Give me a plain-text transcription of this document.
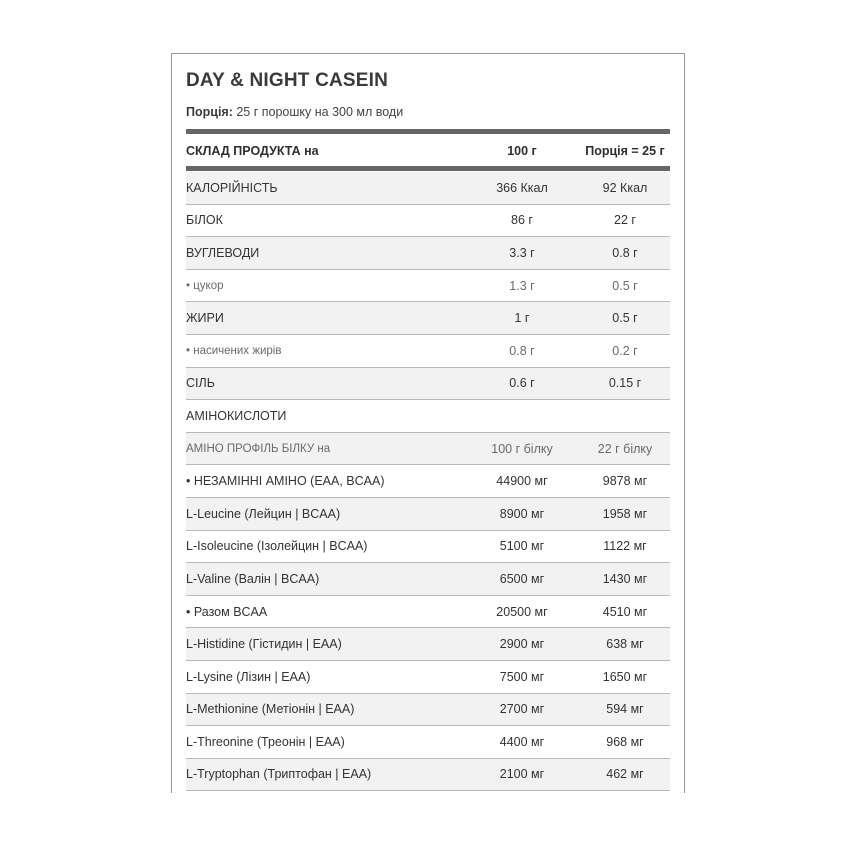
DAY & NIGHT CASEIN
Порція: 25 г порошку на 300 мл води
СКЛАД ПРОДУКТА на	100 г	Порція = 25 г
КАЛОРІЙНІСТЬ	366 Ккал	92 Ккал
БІЛОК	86 г	22 г
ВУГЛЕВОДИ	3.3 г	0.8 г
• цукор	1.3 г	0.5 г
ЖИРИ	1 г	0.5 г
• насичених жирів	0.8 г	0.2 г
СІЛЬ	0.6 г	0.15 г
АМІНОКИСЛОТИ
АМІНО ПРОФІЛЬ БІЛКУ на	100 г білку	22 г білку
• НЕЗАМІННІ АМІНО (EAA, BCAA)	44900 мг	9878 мг
L-Leucine (Лейцин | BCAA)	8900 мг	1958 мг
L-Isoleucine (Ізолейцин | BCAA)	5100 мг	1122 мг
L-Valine (Валін | BCAA)	6500 мг	1430 мг
• Разом BCAA	20500 мг	4510 мг
L-Histidine (Гістидин | EAA)	2900 мг	638 мг
L-Lysine (Лізин | EAA)	7500 мг	1650 мг
L-Methionine (Метіонін | EAA)	2700 мг	594 мг
L-Threonine (Треонін | EAA)	4400 мг	968 мг
L-Tryptophan (Триптофан | EAA)	2100 мг	462 мг
